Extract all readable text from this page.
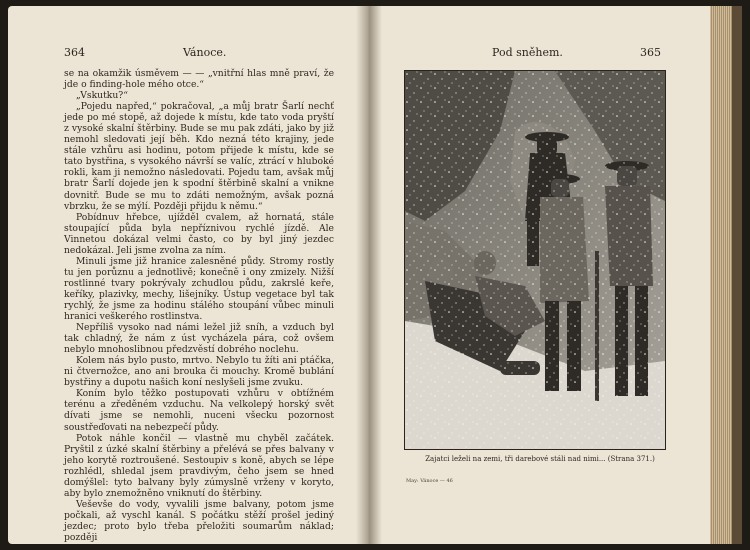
364	Vánoce.

se na okamžik úsměvem — — „vnitřní hlas mně praví, že jde o finding-hole mého otce.“

„Vskutku?“

„Pojedu napřed,“ pokračoval, „a můj bratr Šarlí nechť jede po mé stopě, až dojede k místu, kde tato voda pryští z vysoké skalní štěrbiny. Bude se mu pak zdáti, jako by již nemohl sledovati její běh. Kdo nezná této krajiny, jede stále vzhůru asi hodinu, potom přijede k místu, kde se tato bystřina, s vysokého návrší se valíc, ztrácí v hluboké rokli, kam ji nemožno následovati. Pojedu tam, avšak můj bratr Šarlí dojede jen k spodní štěrbině skalní a vnikne dovnitř. Bude se mu to zdáti nemožným, avšak pozná vbrzku, že se mýlí. Později přijdu k němu.“

Pobídnuv hřebce, ujížděl cvalem, až hornatá, stále stoupající půda byla nepříznivou rychlé jízdě. Ale Vinnetou dokázal velmi často, co by byl jiný jezdec nedokázal. Jeli jsme zvolna za ním.

Minuli jsme již hranice zalesněné půdy. Stromy rostly tu jen porůznu a jednotlivě; konečně i ony zmizely. Nižší rostlinné tvary pokrývaly zchudlou půdu, zakrslé keře, keříky, plazivky, mechy, lišejníky. Ústup vegetace byl tak rychlý, že jsme za hodinu stálého stoupání vůbec minuli hranici veškerého rostlinstva.

Nepříliš vysoko nad námi ležel již sníh, a vzduch byl tak chladný, že nám z úst vycházela pára, což ovšem nebylo mnohoslibnou předzvěstí dobrého noclehu.

Kolem nás bylo pusto, mrtvo. Nebylo tu žíti ani ptáčka, ni čtvernožce, ano ani brouka či mouchy. Kromě bublání bystřiny a dupotu našich koní neslyšeli jsme zvuku.

Koním bylo těžko postupovati vzhůru v obtížném terénu a zředěném vzduchu. Na velkolepý horský svět dívati jsme se nemohli, nuceni všecku pozornost soustřeďovati na nebezpečí půdy.

Potok náhle končil — vlastně mu chyběl začátek. Pryštil z úzké skalní štěrbiny a přelévá se přes balvany v jeho korytě roztroušené. Sestoupiv s koně, abych se lépe rozhlédl, shledal jsem pravdivým, čeho jsem se hned domýšlel: tyto balvany byly zúmyslně vrženy v koryto, aby bylo znemožněno vniknutí do štěrbiny.

Veševše do vody, vyvalili jsme balvany, potom jsme počkali, až vyschl kanál. S počátku stěží prošel jediný jezdec; proto bylo třeba přeložiti soumarům náklad; později

Pod sněhem.	365
Zajatci leželi na zemi, tři darebové stáli nad nimi... (Strana 371.)
May: Vánoce — 46
